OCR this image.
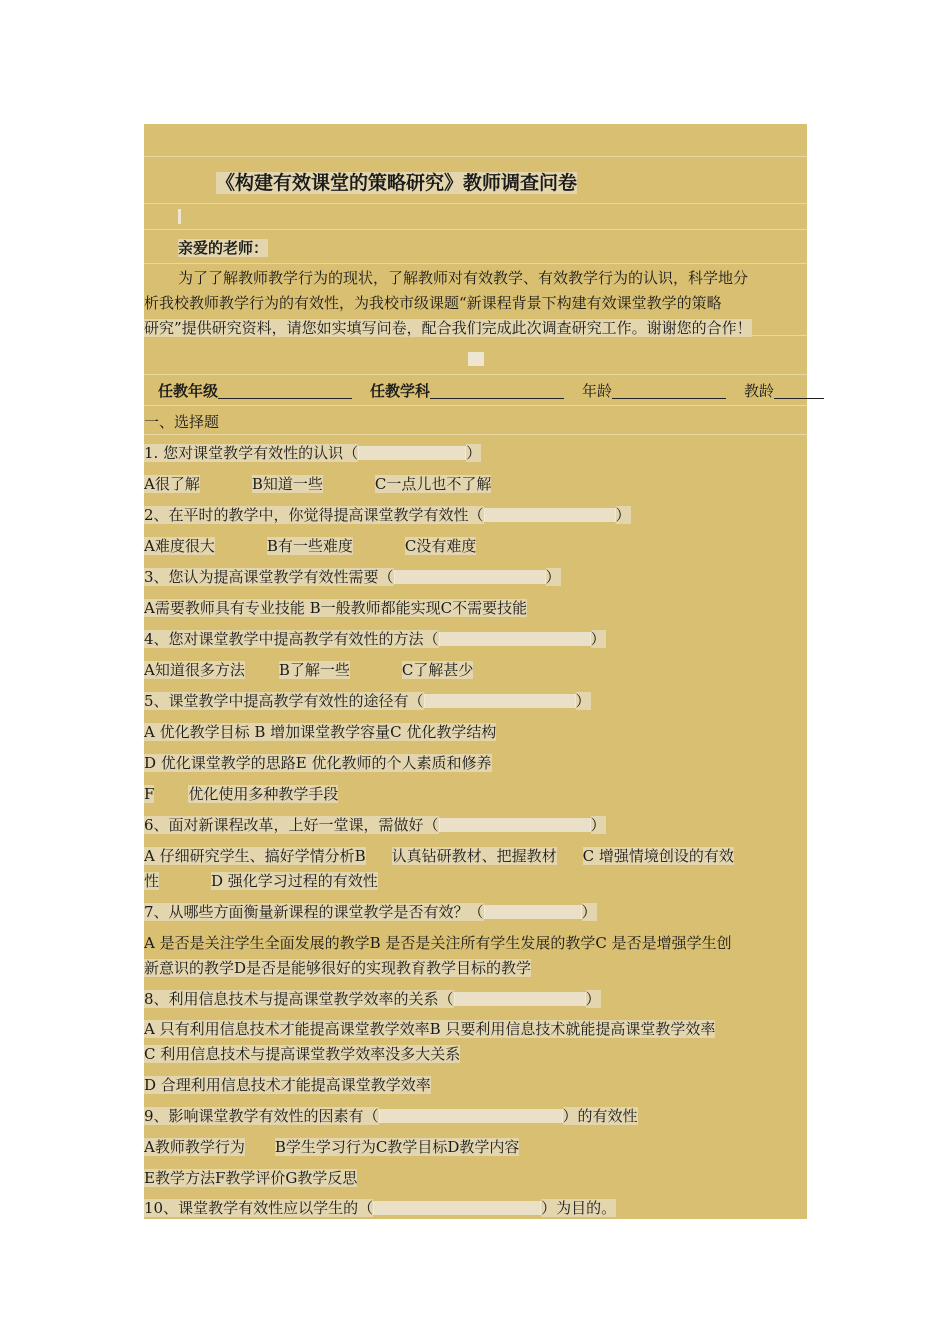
《构建有效课堂的策略研究》教师调查问卷
亲爱的老师：
为了了解教师教学行为的现状，了解教师对有效教学、有效教学行为的认识，科学地分
析我校教师教学行为的有效性，为我校市级课题“新课程背景下构建有效课堂教学的策略
研究”提供研究资料，请您如实填写问卷，配合我们完成此次调查研究工作。谢谢您的合作！
任教年级	任教学科	年龄	教龄
一、选择题
1. 您对课堂教学有效性的认识（	）
A很了解	B知道一些	C一点儿也不了解
2、在平时的教学中，你觉得提高课堂教学有效性（	）
A难度很大	B有一些难度	C没有难度
3、您认为提高课堂教学有效性需要（	）
A需要教师具有专业技能 B一般教师都能实现C不需要技能
4、您对课堂教学中提高教学有效性的方法（	）
A知道很多方法 B了解一些	C了解甚少
5、课堂教学中提高教学有效性的途径有（	）
A 优化教学目标 B 增加课堂教学容量C 优化教学结构
D 优化课堂教学的思路E 优化教师的个人素质和修养
F 优化使用多种教学手段
6、面对新课程改革，上好一堂课，需做好（	）
A 仔细研究学生、搞好学情分析B 认真钻研教材、把握教材 C 增强情境创设的有效
性	D 强化学习过程的有效性
7、从哪些方面衡量新课程的课堂教学是否有效？（	）
A 是否是关注学生全面发展的教学B 是否是关注所有学生发展的教学C 是否是增强学生创
新意识的教学D是否是能够很好的实现教育教学目标的教学
8、利用信息技术与提高课堂教学效率的关系（	）
A 只有利用信息技术才能提高课堂教学效率B 只要利用信息技术就能提高课堂教学效率
C 利用信息技术与提高课堂教学效率没多大关系
D 合理利用信息技术才能提高课堂教学效率
9、影响课堂教学有效性的因素有（	）的有效性
A教师教学行为 B学生学习行为C教学目标D教学内容
E教学方法F教学评价G教学反思
10、课堂教学有效性应以学生的（	）为目的。
